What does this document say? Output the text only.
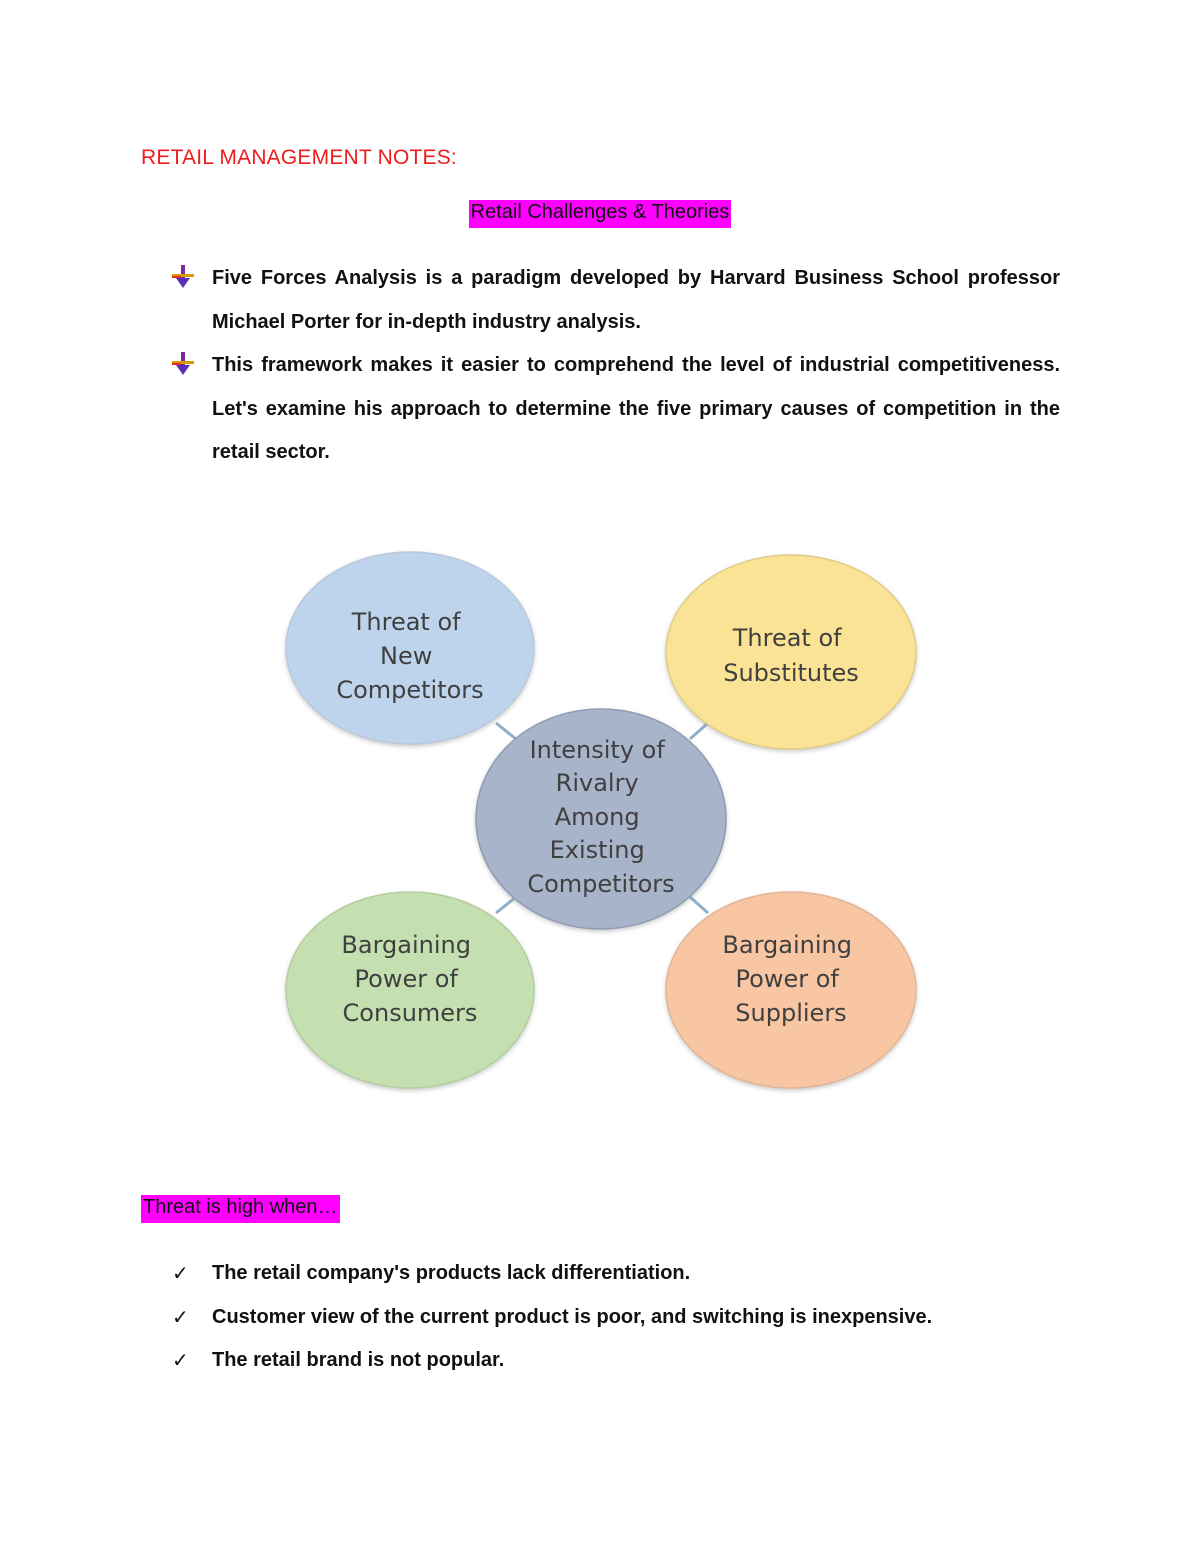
RETAIL MANAGEMENT NOTES:
Retail Challenges & Theories
Five Forces Analysis is a paradigm developed by Harvard Business School professor Michael Porter for in-depth industry analysis.
This framework makes it easier to comprehend the level of industrial competitiveness. Let's examine his approach to determine the five primary causes of competition in the retail sector.
Threat of New Competitors
Threat of Substitutes
Bargaining Power of Consumers
Bargaining Power of Suppliers
Intensity of Rivalry Among Existing Competitors
Threat is high when…
✓ The retail company's products lack differentiation.
✓ Customer view of the current product is poor, and switching is inexpensive.
✓ The retail brand is not popular.
